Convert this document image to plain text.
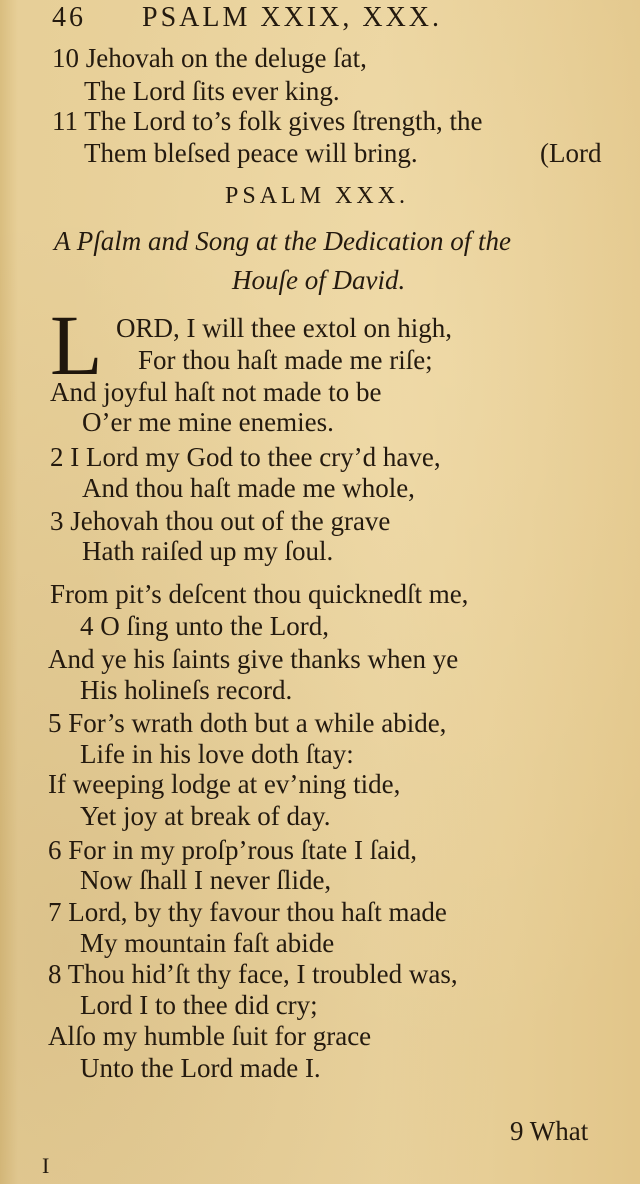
46 PSALM XXIX, XXX.
10 Jehovah on the deluge ſat,
The Lord ſits ever king.
11 The Lord to’s folk gives ſtrength, the
Them bleſsed peace will bring.	(Lord
PSALM XXX.
A Pſalm and Song at the Dedication of the
Houſe of David.
L ORD, I will thee extol on high,
For thou haſt made me riſe;
And joyful haſt not made to be
O’er me mine enemies.
2 I Lord my God to thee cry’d have,
And thou haſt made me whole,
3 Jehovah thou out of the grave
Hath raiſed up my ſoul.
From pit’s deſcent thou quicknedſt me,
4 O ſing unto the Lord,
And ye his ſaints give thanks when ye
His holineſs record.
5 For’s wrath doth but a while abide,
Life in his love doth ſtay:
If weeping lodge at ev’ning tide,
Yet joy at break of day.
6 For in my proſp’rous ſtate I ſaid,
Now ſhall I never ſlide,
7 Lord, by thy favour thou haſt made
My mountain faſt abide
8 Thou hid’ſt thy face, I troubled was,
Lord I to thee did cry;
Alſo my humble ſuit for grace
Unto the Lord made I.
9 What
I
